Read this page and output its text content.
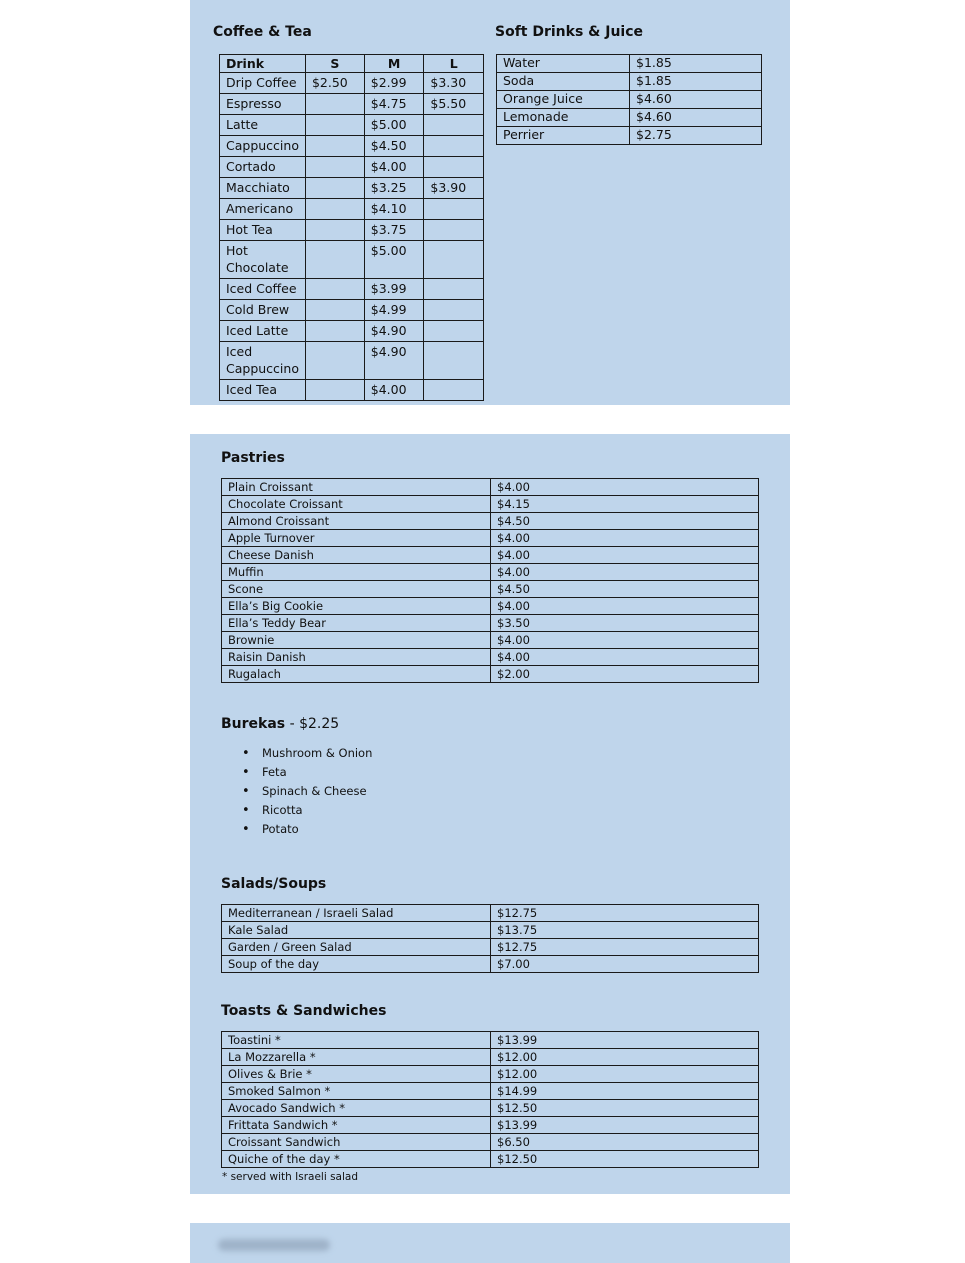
Coffee & Tea	Soft Drinks & Juice
Drink	S	M	L
Drip Coffee	$2.50	$2.99	$3.30
Espresso		$4.75	$5.50
Latte		$5.00	
Cappuccino		$4.50	
Cortado		$4.00	
Macchiato		$3.25	$3.90
Americano		$4.10	
Hot Tea		$3.75	
Hot Chocolate		$5.00	
Iced Coffee		$3.99	
Cold Brew		$4.99	
Iced Latte		$4.90	
Iced Cappuccino		$4.90	
Iced Tea		$4.00	
Water	$1.85
Soda	$1.85
Orange Juice	$4.60
Lemonade	$4.60
Perrier	$2.75
Pastries
Plain Croissant	$4.00
Chocolate Croissant	$4.15
Almond Croissant	$4.50
Apple Turnover	$4.00
Cheese Danish	$4.00
Muffin	$4.00
Scone	$4.50
Ella’s Big Cookie	$4.00
Ella’s Teddy Bear	$3.50
Brownie	$4.00
Raisin Danish	$4.00
Rugalach	$2.00
Burekas - $2.25
• Mushroom & Onion
• Feta
• Spinach & Cheese
• Ricotta
• Potato
Salads/Soups
Mediterranean / Israeli Salad	$12.75
Kale Salad	$13.75
Garden / Green Salad	$12.75
Soup of the day	$7.00
Toasts & Sandwiches
Toastini *	$13.99
La Mozzarella *	$12.00
Olives & Brie *	$12.00
Smoked Salmon *	$14.99
Avocado Sandwich *	$12.50
Frittata Sandwich *	$13.99
Croissant Sandwich	$6.50
Quiche of the day *	$12.50
* served with Israeli salad
